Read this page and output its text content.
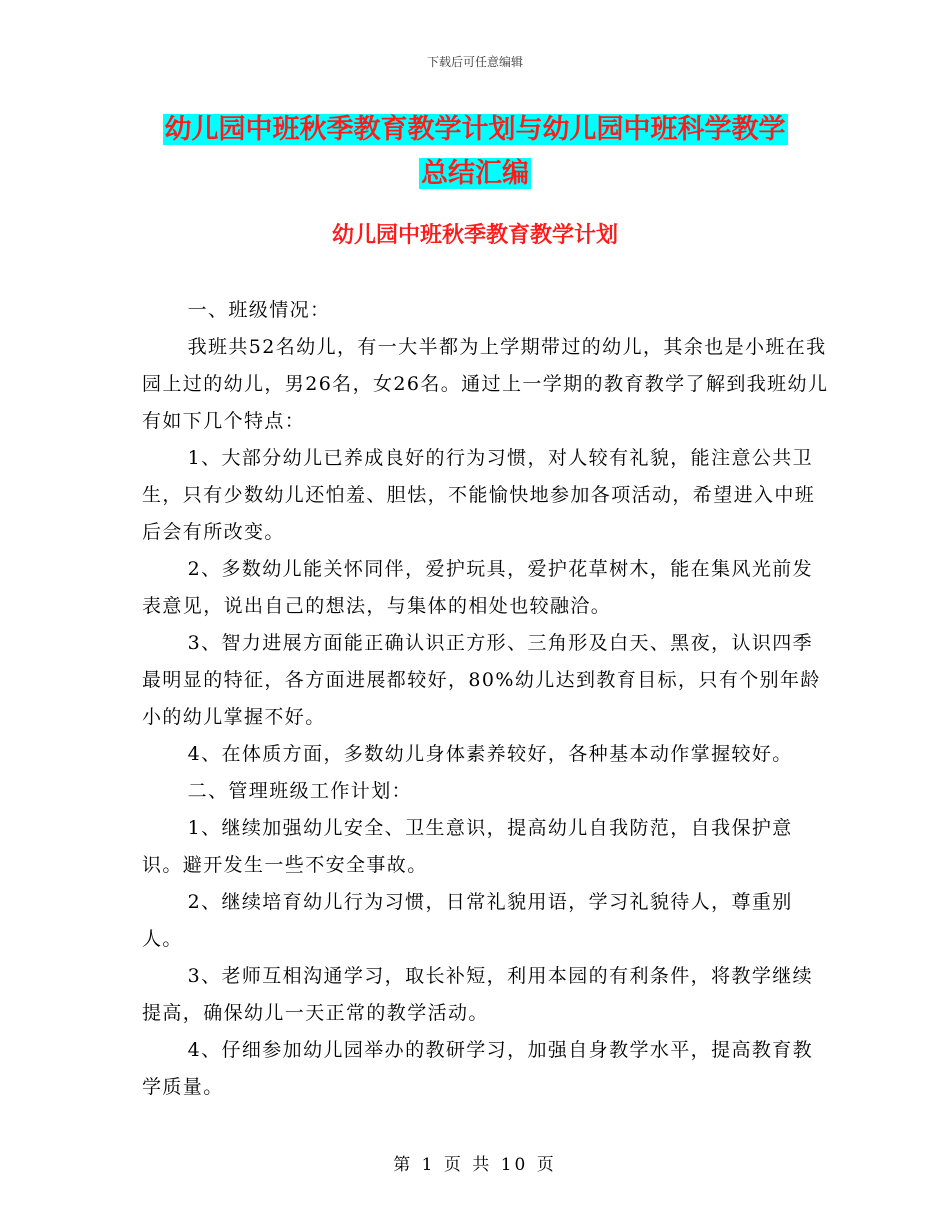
下载后可任意编辑
幼儿园中班秋季教育教学计划与幼儿园中班科学教学
总结汇编
幼儿园中班秋季教育教学计划

一、班级情况：

我班共52名幼儿，有一大半都为上学期带过的幼儿，其余也是小班在我园上过的幼儿，男26名，女26名。通过上一学期的教育教学了解到我班幼儿有如下几个特点：

1、大部分幼儿已养成良好的行为习惯，对人较有礼貌，能注意公共卫生，只有少数幼儿还怕羞、胆怯，不能愉快地参加各项活动，希望进入中班后会有所改变。

2、多数幼儿能关怀同伴，爱护玩具，爱护花草树木，能在集风光前发表意见，说出自己的想法，与集体的相处也较融洽。

3、智力进展方面能正确认识正方形、三角形及白天、黑夜，认识四季最明显的特征，各方面进展都较好，80%幼儿达到教育目标，只有个别年龄小的幼儿掌握不好。

4、在体质方面，多数幼儿身体素养较好，各种基本动作掌握较好。

二、管理班级工作计划：

1、继续加强幼儿安全、卫生意识，提高幼儿自我防范，自我保护意识。避开发生一些不安全事故。

2、继续培育幼儿行为习惯，日常礼貌用语，学习礼貌待人，尊重别人。

3、老师互相沟通学习，取长补短，利用本园的有利条件，将教学继续提高，确保幼儿一天正常的教学活动。

4、仔细参加幼儿园举办的教研学习，加强自身教学水平，提高教育教学质量。

第 1 页 共 10 页
